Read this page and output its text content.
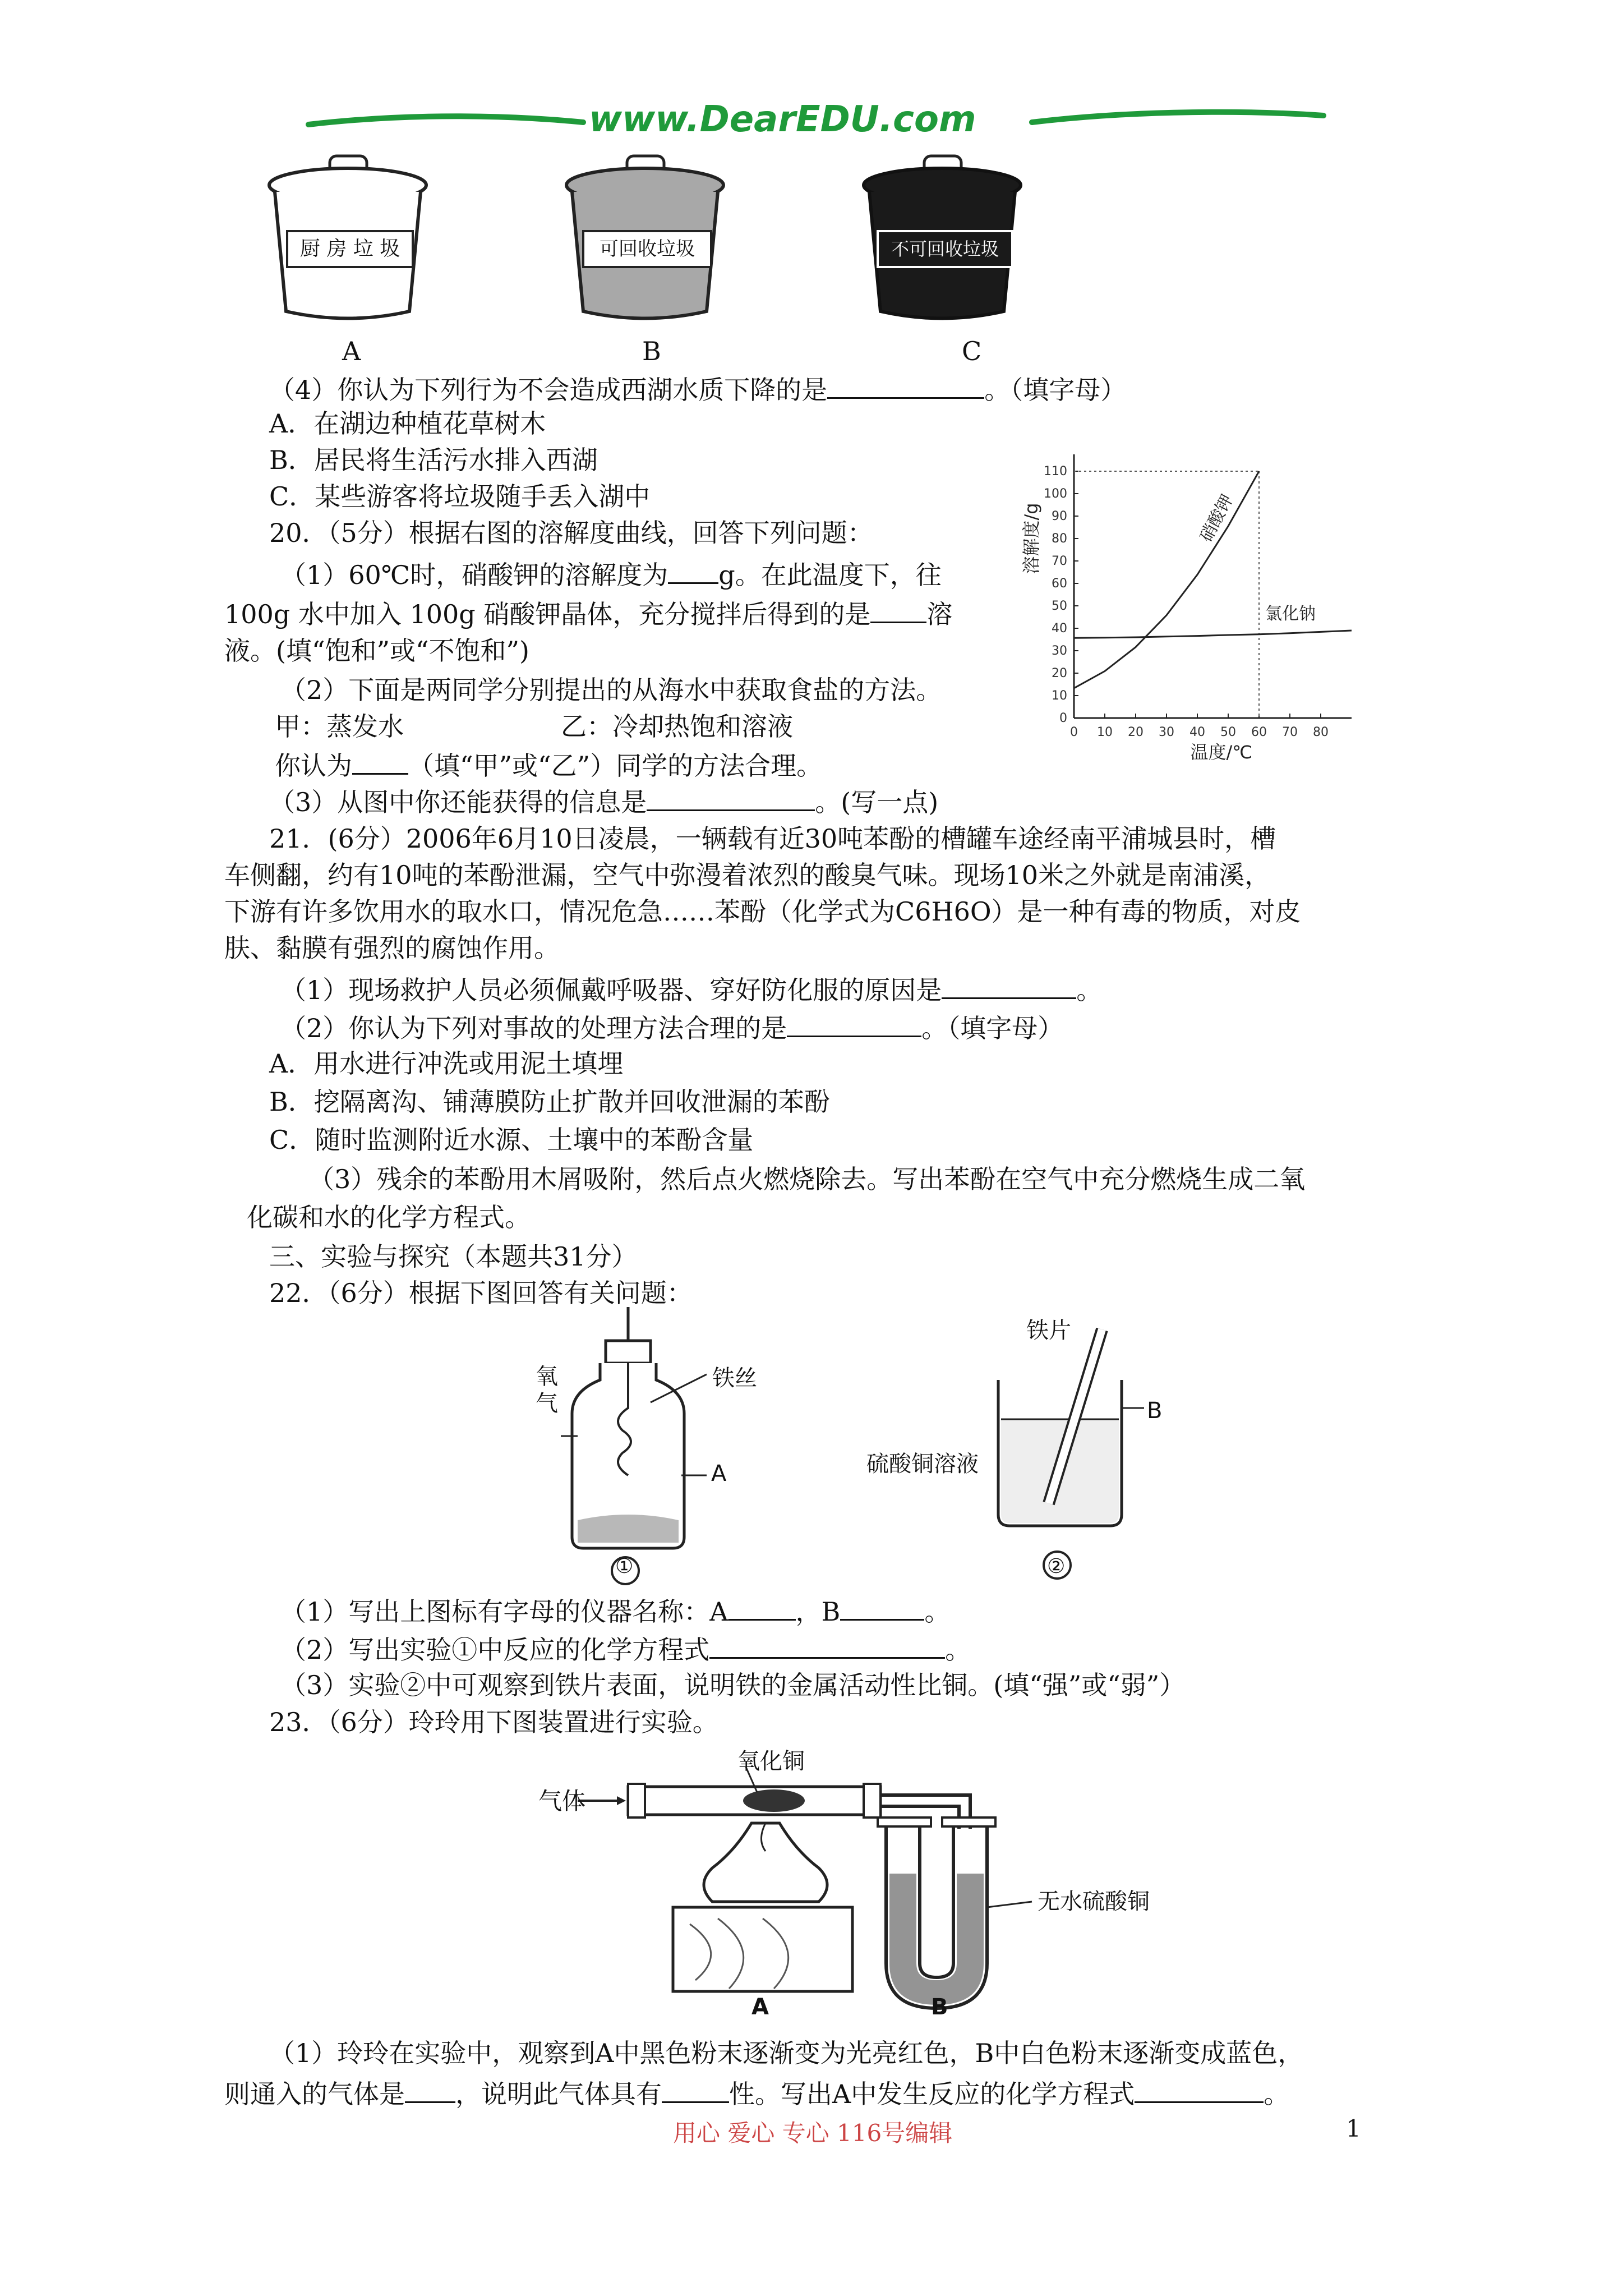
www.DearEDU.com
厨 房 垃 圾	可回收垃圾	不可回收垃圾
A	B	C
（4）你认为下列行为不会造成西湖水质下降的是	。（填字母）
A．在湖边种植花草树木
B．居民将生活污水排入西湖
C．某些游客将垃圾随手丢入湖中
20．（5分）根据右图的溶解度曲线，回答下列问题：
（1）60℃时，硝酸钾的溶解度为 g。在此温度下，往
100g 水中加入 100g 硝酸钾晶体，充分搅拌后得到的是 溶
液。(填“饱和”或“不饱和”)
（2）下面是两同学分别提出的从海水中获取食盐的方法。
甲：蒸发水	乙：冷却热饱和溶液
你认为 （填“甲”或“乙”）同学的方法合理。
（3）从图中你还能获得的信息是	。(写一点)
0 10 20 30 40 50 60 70 80
0
10
20
30
40
50
60
70
80
90
100
110
硝酸钾
氯化钠
温度/℃
溶解度/g
21．(6分）2006年6月10日凌晨，一辆载有近30吨苯酚的槽罐车途经南平浦城县时，槽
车侧翻，约有10吨的苯酚泄漏，空气中弥漫着浓烈的酸臭气味。现场10米之外就是南浦溪，
下游有许多饮用水的取水口，情况危急……苯酚（化学式为C6H6O）是一种有毒的物质，对皮
肤、黏膜有强烈的腐蚀作用。
（1）现场救护人员必须佩戴呼吸器、穿好防化服的原因是	。
（2）你认为下列对事故的处理方法合理的是	。（填字母）
A．用水进行冲洗或用泥土填埋
B．挖隔离沟、铺薄膜防止扩散并回收泄漏的苯酚
C．随时监测附近水源、土壤中的苯酚含量
（3）残余的苯酚用木屑吸附，然后点火燃烧除去。写出苯酚在空气中充分燃烧生成二氧
化碳和水的化学方程式。
三、实验与探究（本题共31分）
22．（6分）根据下图回答有关问题：
氧气
铁丝
A
铁片
B
硫酸铜溶液
（1）写出上图标有字母的仪器名称：A	，B	。
（2）写出实验①中反应的化学方程式	。
（3）实验②中可观察到铁片表面，说明铁的金属活动性比铜。(填“强”或“弱”）
23．（6分）玲玲用下图装置进行实验。
气体
氧化铜
无水硫酸铜
A	B
（1）玲玲在实验中，观察到A中黑色粉末逐渐变为光亮红色，B中白色粉末逐渐变成蓝色，
则通入的气体是 ，说明此气体具有	性。写出A中发生反应的化学方程式	。
用心 爱心 专心 116号编辑	1
①	②
